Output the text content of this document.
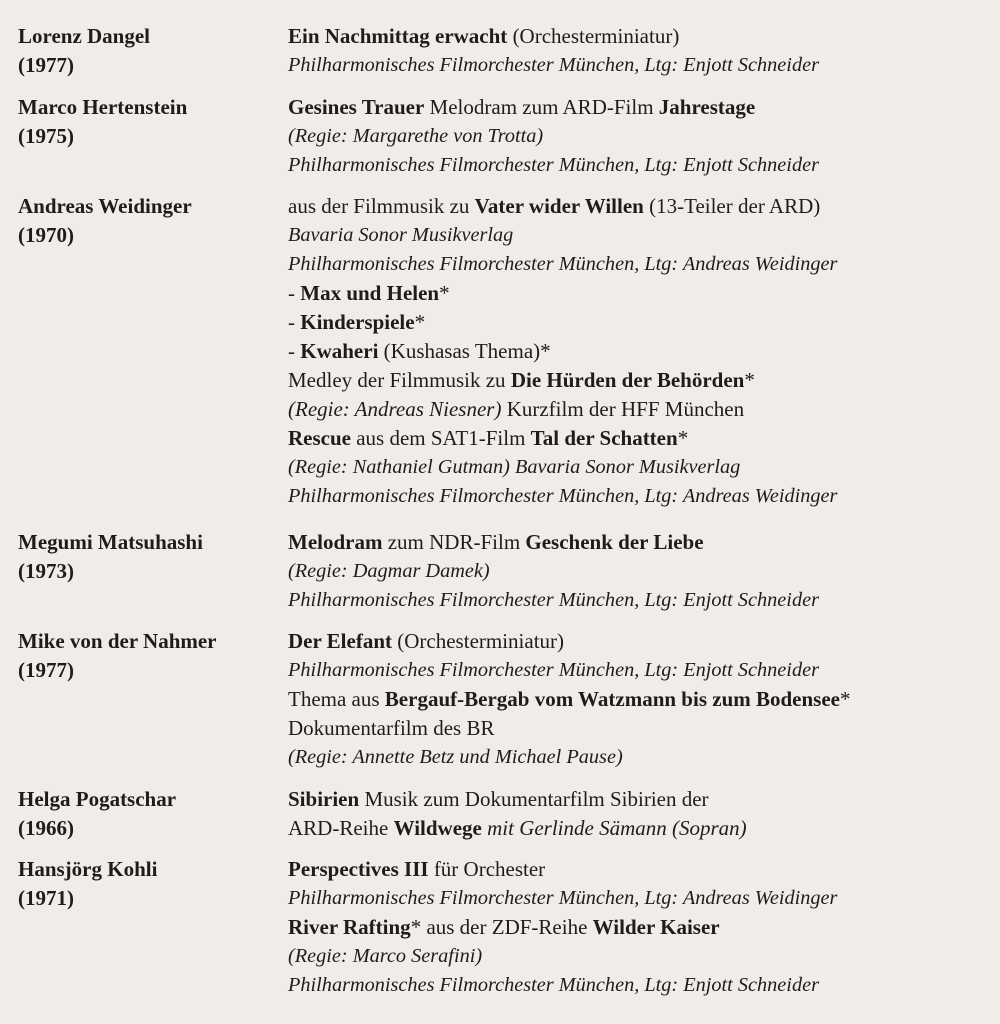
Lorenz Dangel
(1977)
Ein Nachmittag erwacht (Orchesterminiatur)
Philharmonisches Filmorchester München, Ltg: Enjott Schneider
Marco Hertenstein
(1975)
Gesines Trauer Melodram zum ARD-Film Jahrestage
(Regie: Margarethe von Trotta)
Philharmonisches Filmorchester München, Ltg: Enjott Schneider
Andreas Weidinger
(1970)
aus der Filmmusik zu Vater wider Willen (13-Teiler der ARD)
Bavaria Sonor Musikverlag
Philharmonisches Filmorchester München, Ltg: Andreas Weidinger
- Max und Helen*
- Kinderspiele*
- Kwaheri (Kushasas Thema)*
Medley der Filmmusik zu Die Hürden der Behörden*
(Regie: Andreas Niesner) Kurzfilm der HFF München
Rescue aus dem SAT1-Film Tal der Schatten*
(Regie: Nathaniel Gutman) Bavaria Sonor Musikverlag
Philharmonisches Filmorchester München, Ltg: Andreas Weidinger
Megumi Matsuhashi
(1973)
Melodram zum NDR-Film Geschenk der Liebe
(Regie: Dagmar Damek)
Philharmonisches Filmorchester München, Ltg: Enjott Schneider
Mike von der Nahmer
(1977)
Der Elefant (Orchesterminiatur)
Philharmonisches Filmorchester München, Ltg: Enjott Schneider
Thema aus Bergauf-Bergab vom Watzmann bis zum Bodensee*
Dokumentarfilm des BR
(Regie: Annette Betz und Michael Pause)
Helga Pogatschar
(1966)
Sibirien Musik zum Dokumentarfilm Sibirien der
ARD-Reihe Wildwege mit Gerlinde Sämann (Sopran)
Hansjörg Kohli
(1971)
Perspectives III für Orchester
Philharmonisches Filmorchester München, Ltg: Andreas Weidinger
River Rafting* aus der ZDF-Reihe Wilder Kaiser
(Regie: Marco Serafini)
Philharmonisches Filmorchester München, Ltg: Enjott Schneider
